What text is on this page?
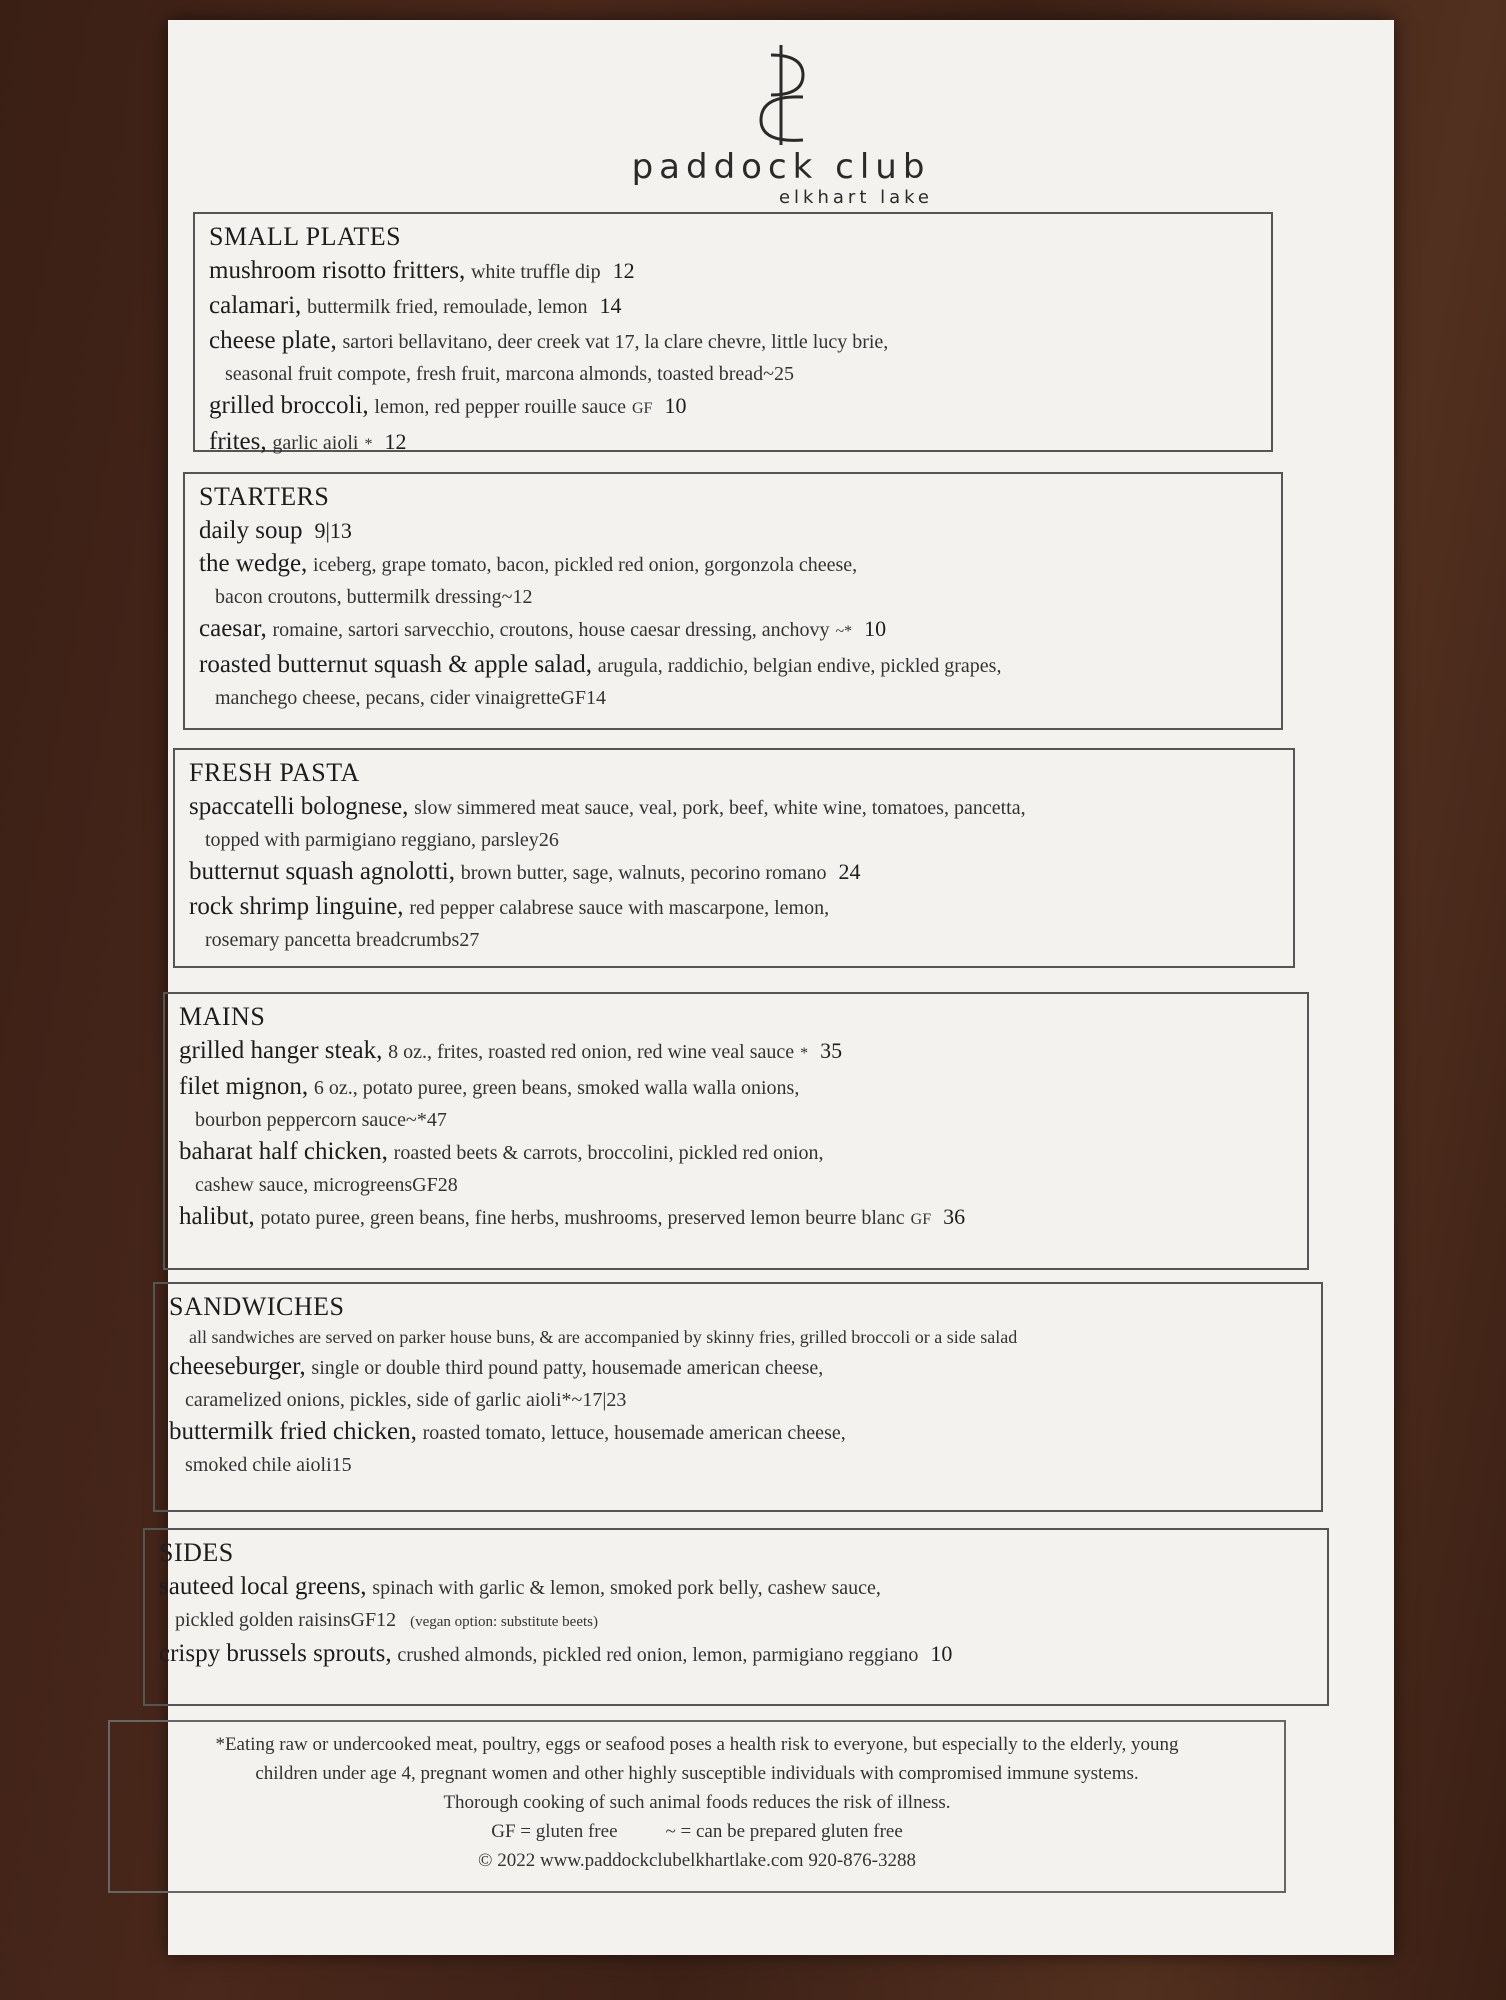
paddock club
elkhart lake
SMALL PLATES
mushroom risotto fritters, white truffle dip 12
calamari, buttermilk fried, remoulade, lemon 14
cheese plate, sartori bellavitano, deer creek vat 17, la clare chevre, little lucy brie,
seasonal fruit compote, fresh fruit, marcona almonds, toasted bread~25
grilled broccoli, lemon, red pepper rouille sauce GF 10
frites, garlic aioli * 12
STARTERS
daily soup 9|13
the wedge, iceberg, grape tomato, bacon, pickled red onion, gorgonzola cheese,
bacon croutons, buttermilk dressing~12
caesar, romaine, sartori sarvecchio, croutons, house caesar dressing, anchovy ~* 10
roasted butternut squash & apple salad, arugula, raddichio, belgian endive, pickled grapes,
manchego cheese, pecans, cider vinaigretteGF14
FRESH PASTA
spaccatelli bolognese, slow simmered meat sauce, veal, pork, beef, white wine, tomatoes, pancetta,
topped with parmigiano reggiano, parsley26
butternut squash agnolotti, brown butter, sage, walnuts, pecorino romano 24
rock shrimp linguine, red pepper calabrese sauce with mascarpone, lemon,
rosemary pancetta breadcrumbs27
MAINS
grilled hanger steak, 8 oz., frites, roasted red onion, red wine veal sauce * 35
filet mignon, 6 oz., potato puree, green beans, smoked walla walla onions,
bourbon peppercorn sauce~*47
baharat half chicken, roasted beets & carrots, broccolini, pickled red onion,
cashew sauce, microgreensGF28
halibut, potato puree, green beans, fine herbs, mushrooms, preserved lemon beurre blanc GF 36
SANDWICHES
all sandwiches are served on parker house buns, & are accompanied by skinny fries, grilled broccoli or a side salad
cheeseburger, single or double third pound patty, housemade american cheese,
caramelized onions, pickles, side of garlic aioli*~17|23
buttermilk fried chicken, roasted tomato, lettuce, housemade american cheese,
smoked chile aioli15
SIDES
sauteed local greens, spinach with garlic & lemon, smoked pork belly, cashew sauce,
pickled golden raisinsGF12 (vegan option: substitute beets)
crispy brussels sprouts, crushed almonds, pickled red onion, lemon, parmigiano reggiano 10
*Eating raw or undercooked meat, poultry, eggs or seafood poses a health risk to everyone, but especially to the elderly, young
children under age 4, pregnant women and other highly susceptible individuals with compromised immune systems.
Thorough cooking of such animal foods reduces the risk of illness.
GF = gluten free	~ = can be prepared gluten free
© 2022 www.paddockclubelkhartlake.com 920-876-3288
